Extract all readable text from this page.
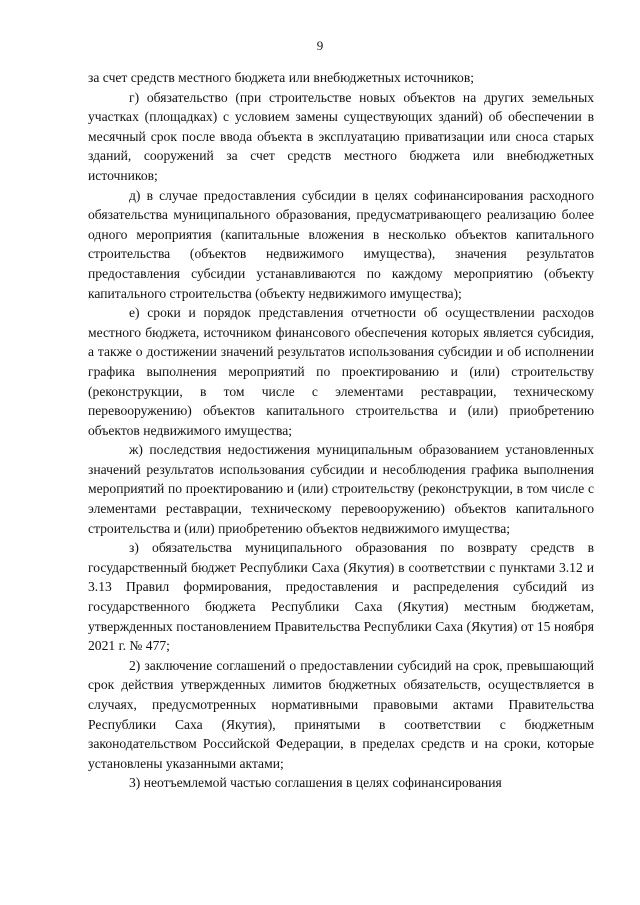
9

за счет средств местного бюджета или внебюджетных источников;

г) обязательство (при строительстве новых объектов на других земельных участках (площадках) с условием замены существующих зданий) об обеспечении в месячный срок после ввода объекта в эксплуатацию приватизации или сноса старых зданий, сооружений за счет средств местного бюджета или внебюджетных источников;

д) в случае предоставления субсидии в целях софинансирования расходного обязательства муниципального образования, предусматривающего реализацию более одного мероприятия (капитальные вложения в несколько объектов капитального строительства (объектов недвижимого имущества), значения результатов предоставления субсидии устанавливаются по каждому мероприятию (объекту капитального строительства (объекту недвижимого имущества);

е) сроки и порядок представления отчетности об осуществлении расходов местного бюджета, источником финансового обеспечения которых является субсидия, а также о достижении значений результатов использования субсидии и об исполнении графика выполнения мероприятий по проектированию и (или) строительству (реконструкции, в том числе с элементами реставрации, техническому перевооружению) объектов капитального строительства и (или) приобретению объектов недвижимого имущества;

ж) последствия недостижения муниципальным образованием установленных значений результатов использования субсидии и несоблюдения графика выполнения мероприятий по проектированию и (или) строительству (реконструкции, в том числе с элементами реставрации, техническому перевооружению) объектов капитального строительства и (или) приобретению объектов недвижимого имущества;

з) обязательства муниципального образования по возврату средств в государственный бюджет Республики Саха (Якутия) в соответствии с пунктами 3.12 и 3.13 Правил формирования, предоставления и распределения субсидий из государственного бюджета Республики Саха (Якутия) местным бюджетам, утвержденных постановлением Правительства Республики Саха (Якутия) от 15 ноября 2021 г. № 477;

2) заключение соглашений о предоставлении субсидий на срок, превышающий срок действия утвержденных лимитов бюджетных обязательств, осуществляется в случаях, предусмотренных нормативными правовыми актами Правительства Республики Саха (Якутия), принятыми в соответствии с бюджетным законодательством Российской Федерации, в пределах средств и на сроки, которые установлены указанными актами;

3) неотъемлемой частью соглашения в целях софинансирования
